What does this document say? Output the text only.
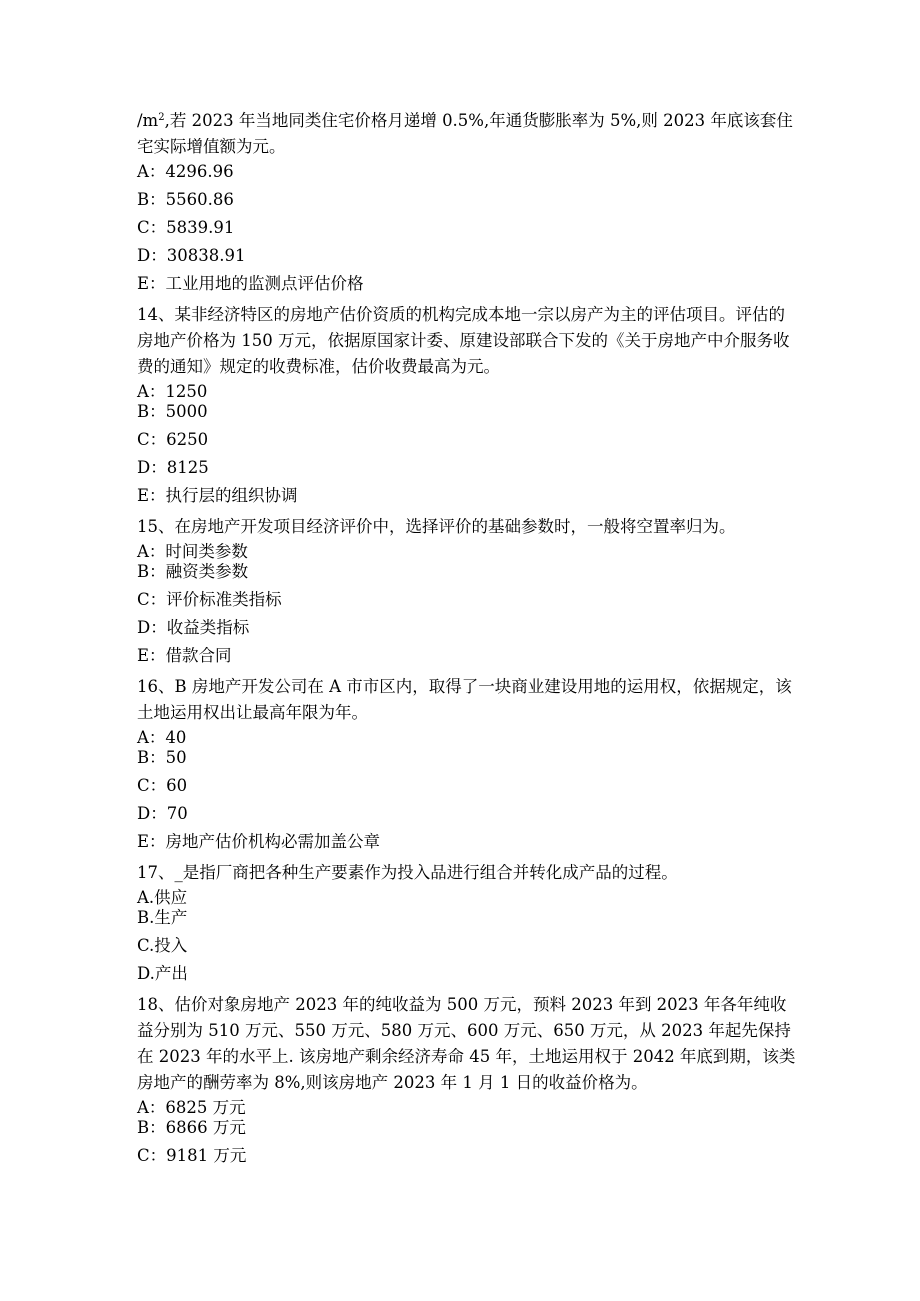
$/m^2$,若 2023 年当地同类住宅价格月递增 0.5%,年通货膨胀率为 5%,则 2023 年底该套住宅实际增值额为元。

A：4296.96
B：5560.86
C：5839.91
D：30838.91
E：工业用地的监测点评估价格

14、某非经济特区的房地产估价资质的机构完成本地一宗以房产为主的评估项目。评估的房地产价格为 150 万元，依据原国家计委、原建设部联合下发的《关于房地产中介服务收费的通知》规定的收费标准，估价收费最高为元。

A：1250
B：5000
C：6250
D：8125
E：执行层的组织协调

15、在房地产开发项目经济评价中，选择评价的基础参数时，一般将空置率归为。

A：时间类参数
B：融资类参数
C：评价标准类指标
D：收益类指标
E：借款合同

16、B 房地产开发公司在 A 市市区内，取得了一块商业建设用地的运用权，依据规定，该土地运用权出让最高年限为年。

A：40
B：50
C：60
D：70
E：房地产估价机构必需加盖公章

17、_是指厂商把各种生产要素作为投入品进行组合并转化成产品的过程。

A.供应
B.生产
C.投入
D.产出

18、估价对象房地产 2023 年的纯收益为 500 万元，预料 2023 年到 2023 年各年纯收益分别为 510 万元、550 万元、580 万元、600 万元、650 万元，从 2023 年起先保持在 2023 年的水平上. 该房地产剩余经济寿命 45 年，土地运用权于 2042 年底到期，该类房地产的酬劳率为 8%,则该房地产 2023 年 1 月 1 日的收益价格为。

A：6825 万元
B：6866 万元
C：9181 万元
